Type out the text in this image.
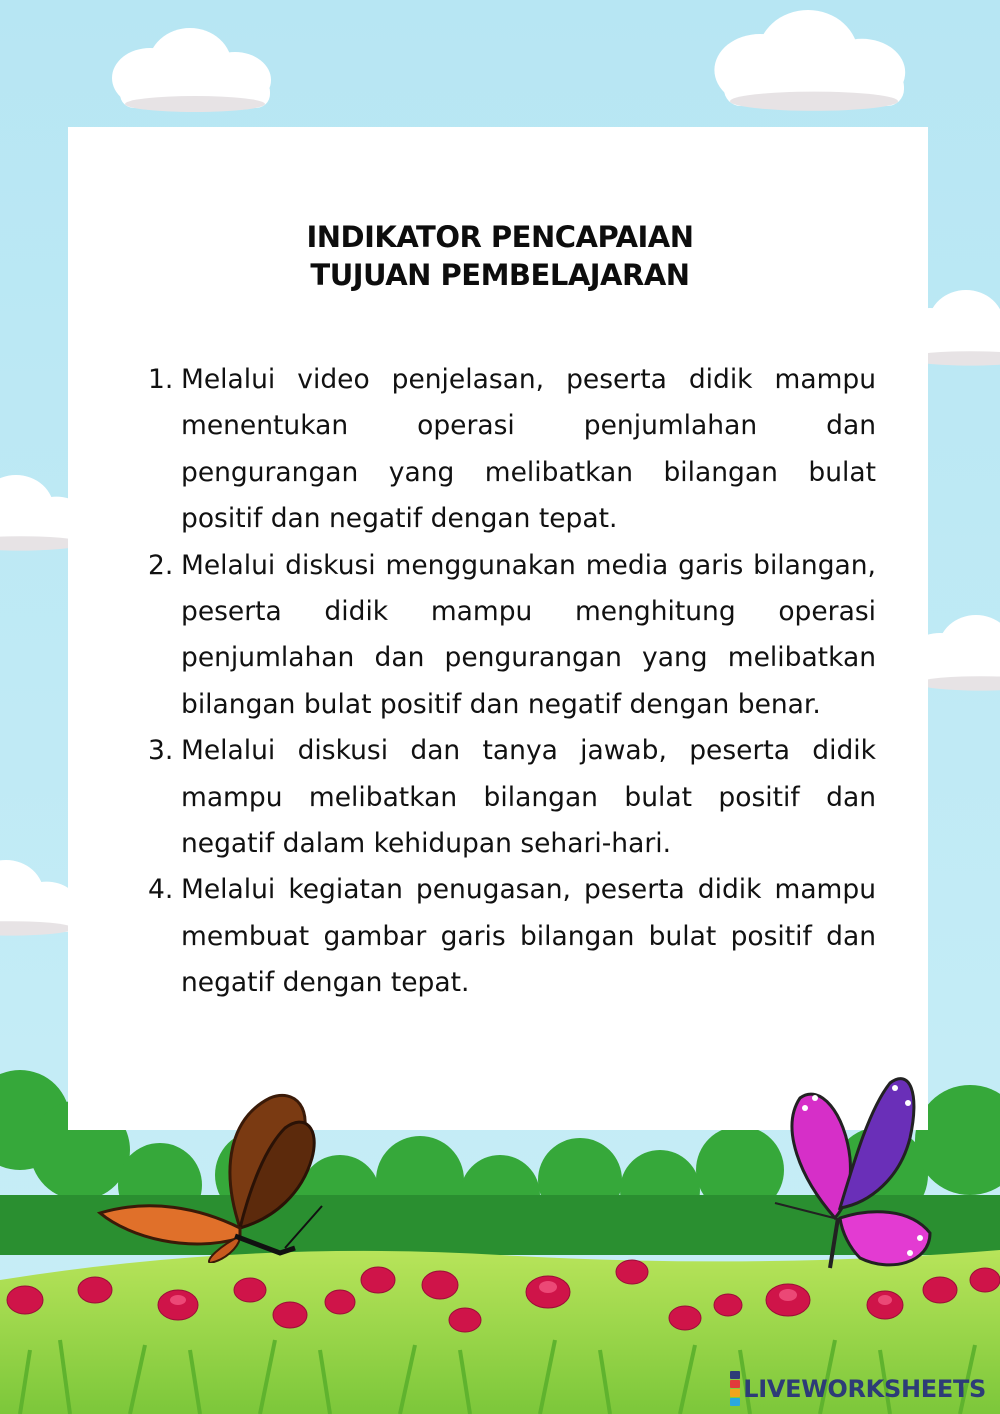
INDIKATOR PENCAPAIAN
TUJUAN PEMBELAJARAN
1. Melalui video penjelasan, peserta didik mampu menentukan operasi penjumlahan dan pengurangan yang melibatkan bilangan bulat positif dan negatif dengan tepat.
2. Melalui diskusi menggunakan media garis bilangan, peserta didik mampu menghitung operasi penjumlahan dan pengurangan yang melibatkan bilangan bulat positif dan negatif dengan benar.
3. Melalui diskusi dan tanya jawab, peserta didik mampu melibatkan bilangan bulat positif dan negatif dalam kehidupan sehari-hari.
4. Melalui kegiatan penugasan, peserta didik mampu membuat gambar garis bilangan bulat positif dan negatif dengan tepat.
LIVEWORKSHEETS
